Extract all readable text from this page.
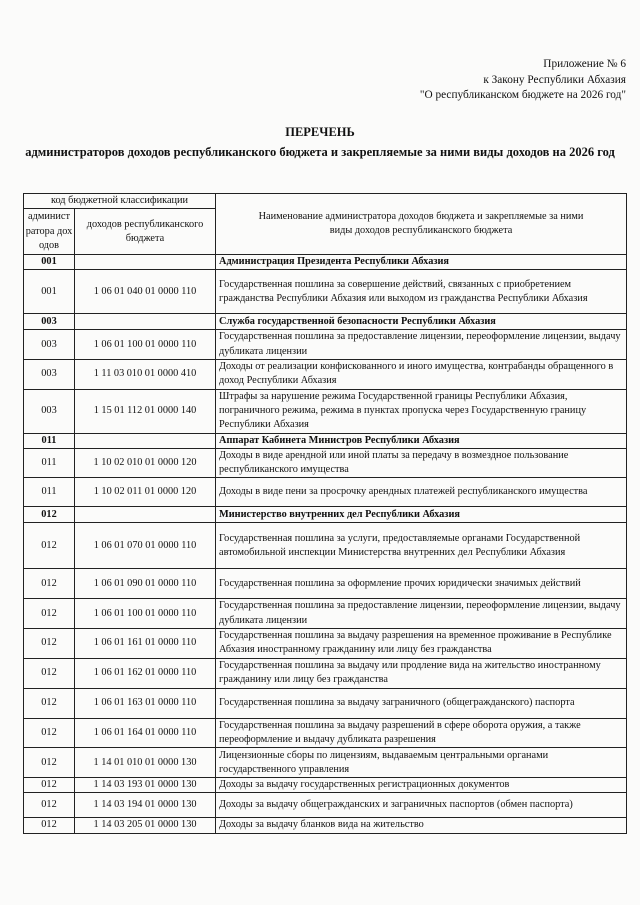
Приложение № 6
к Закону Республики Абхазия
"О республиканском бюджете на 2026 год"
ПЕРЕЧЕНЬ
администраторов доходов республиканского бюджета и закрепляемые за ними виды доходов на 2026 год
код бюджетной классификации		Наименование администратора доходов бюджета и закрепляемые за ними виды доходов республиканского бюджета
админист ратора доходов	доходов республиканского бюджета	
001		Администрация Президента Республики Абхазия
001	1 06 01 040 01 0000 110	Государственная пошлина за совершение действий, связанных с приобретением гражданства Республики Абхазия или выходом из гражданства Республики Абхазия
003		Служба государственной безопасности Республики Абхазия
003	1 06 01 100 01 0000 110	Государственная пошлина за предоставление лицензии, переоформление лицензии, выдачу дубликата лицензии
003	1 11 03 010 01 0000 410	Доходы от реализации конфискованного и иного имущества, контрабанды обращенного в доход Республики Абхазия
003	1 15 01 112 01 0000 140	Штрафы за нарушение режима Государственной границы Республики Абхазия, пограничного режима, режима в пунктах пропуска через Государственную границу Республики Абхазия
011		Аппарат Кабинета Министров Республики Абхазия
011	1 10 02 010 01 0000 120	Доходы в виде арендной или иной платы за передачу в возмездное пользование республиканского имущества
011	1 10 02 011 01 0000 120	Доходы в виде пени за просрочку арендных платежей республиканского имущества
012		Министерство внутренних дел Республики Абхазия
012	1 06 01 070 01 0000 110	Государственная пошлина за услуги, предоставляемые органами Государственной автомобильной инспекции Министерства внутренних дел Республики Абхазия
012	1 06 01 090 01 0000 110	Государственная пошлина за оформление прочих юридически значимых действий
012	1 06 01 100 01 0000 110	Государственная пошлина за предоставление лицензии, переоформление лицензии, выдачу дубликата лицензии
012	1 06 01 161 01 0000 110	Государственная пошлина за выдачу разрешения на временное проживание в Республике Абхазия иностранному гражданину или лицу без гражданства
012	1 06 01 162 01 0000 110	Государственная пошлина за выдачу или продление вида на жительство иностранному гражданину или лицу без гражданства
012	1 06 01 163 01 0000 110	Государственная пошлина за выдачу заграничного (общегражданского) паспорта
012	1 06 01 164 01 0000 110	Государственная пошлина за выдачу разрешений в сфере оборота оружия, а также переоформление и выдачу дубликата разрешения
012	1 14 01 010 01 0000 130	Лицензионные сборы по лицензиям, выдаваемым центральными органами государственного управления
012	1 14 03 193 01 0000 130	Доходы за выдачу государственных регистрационных документов
012	1 14 03 194 01 0000 130	Доходы за выдачу общегражданских и заграничных паспортов (обмен паспорта)
012	1 14 03 205 01 0000 130	Доходы за выдачу бланков вида на жительство
